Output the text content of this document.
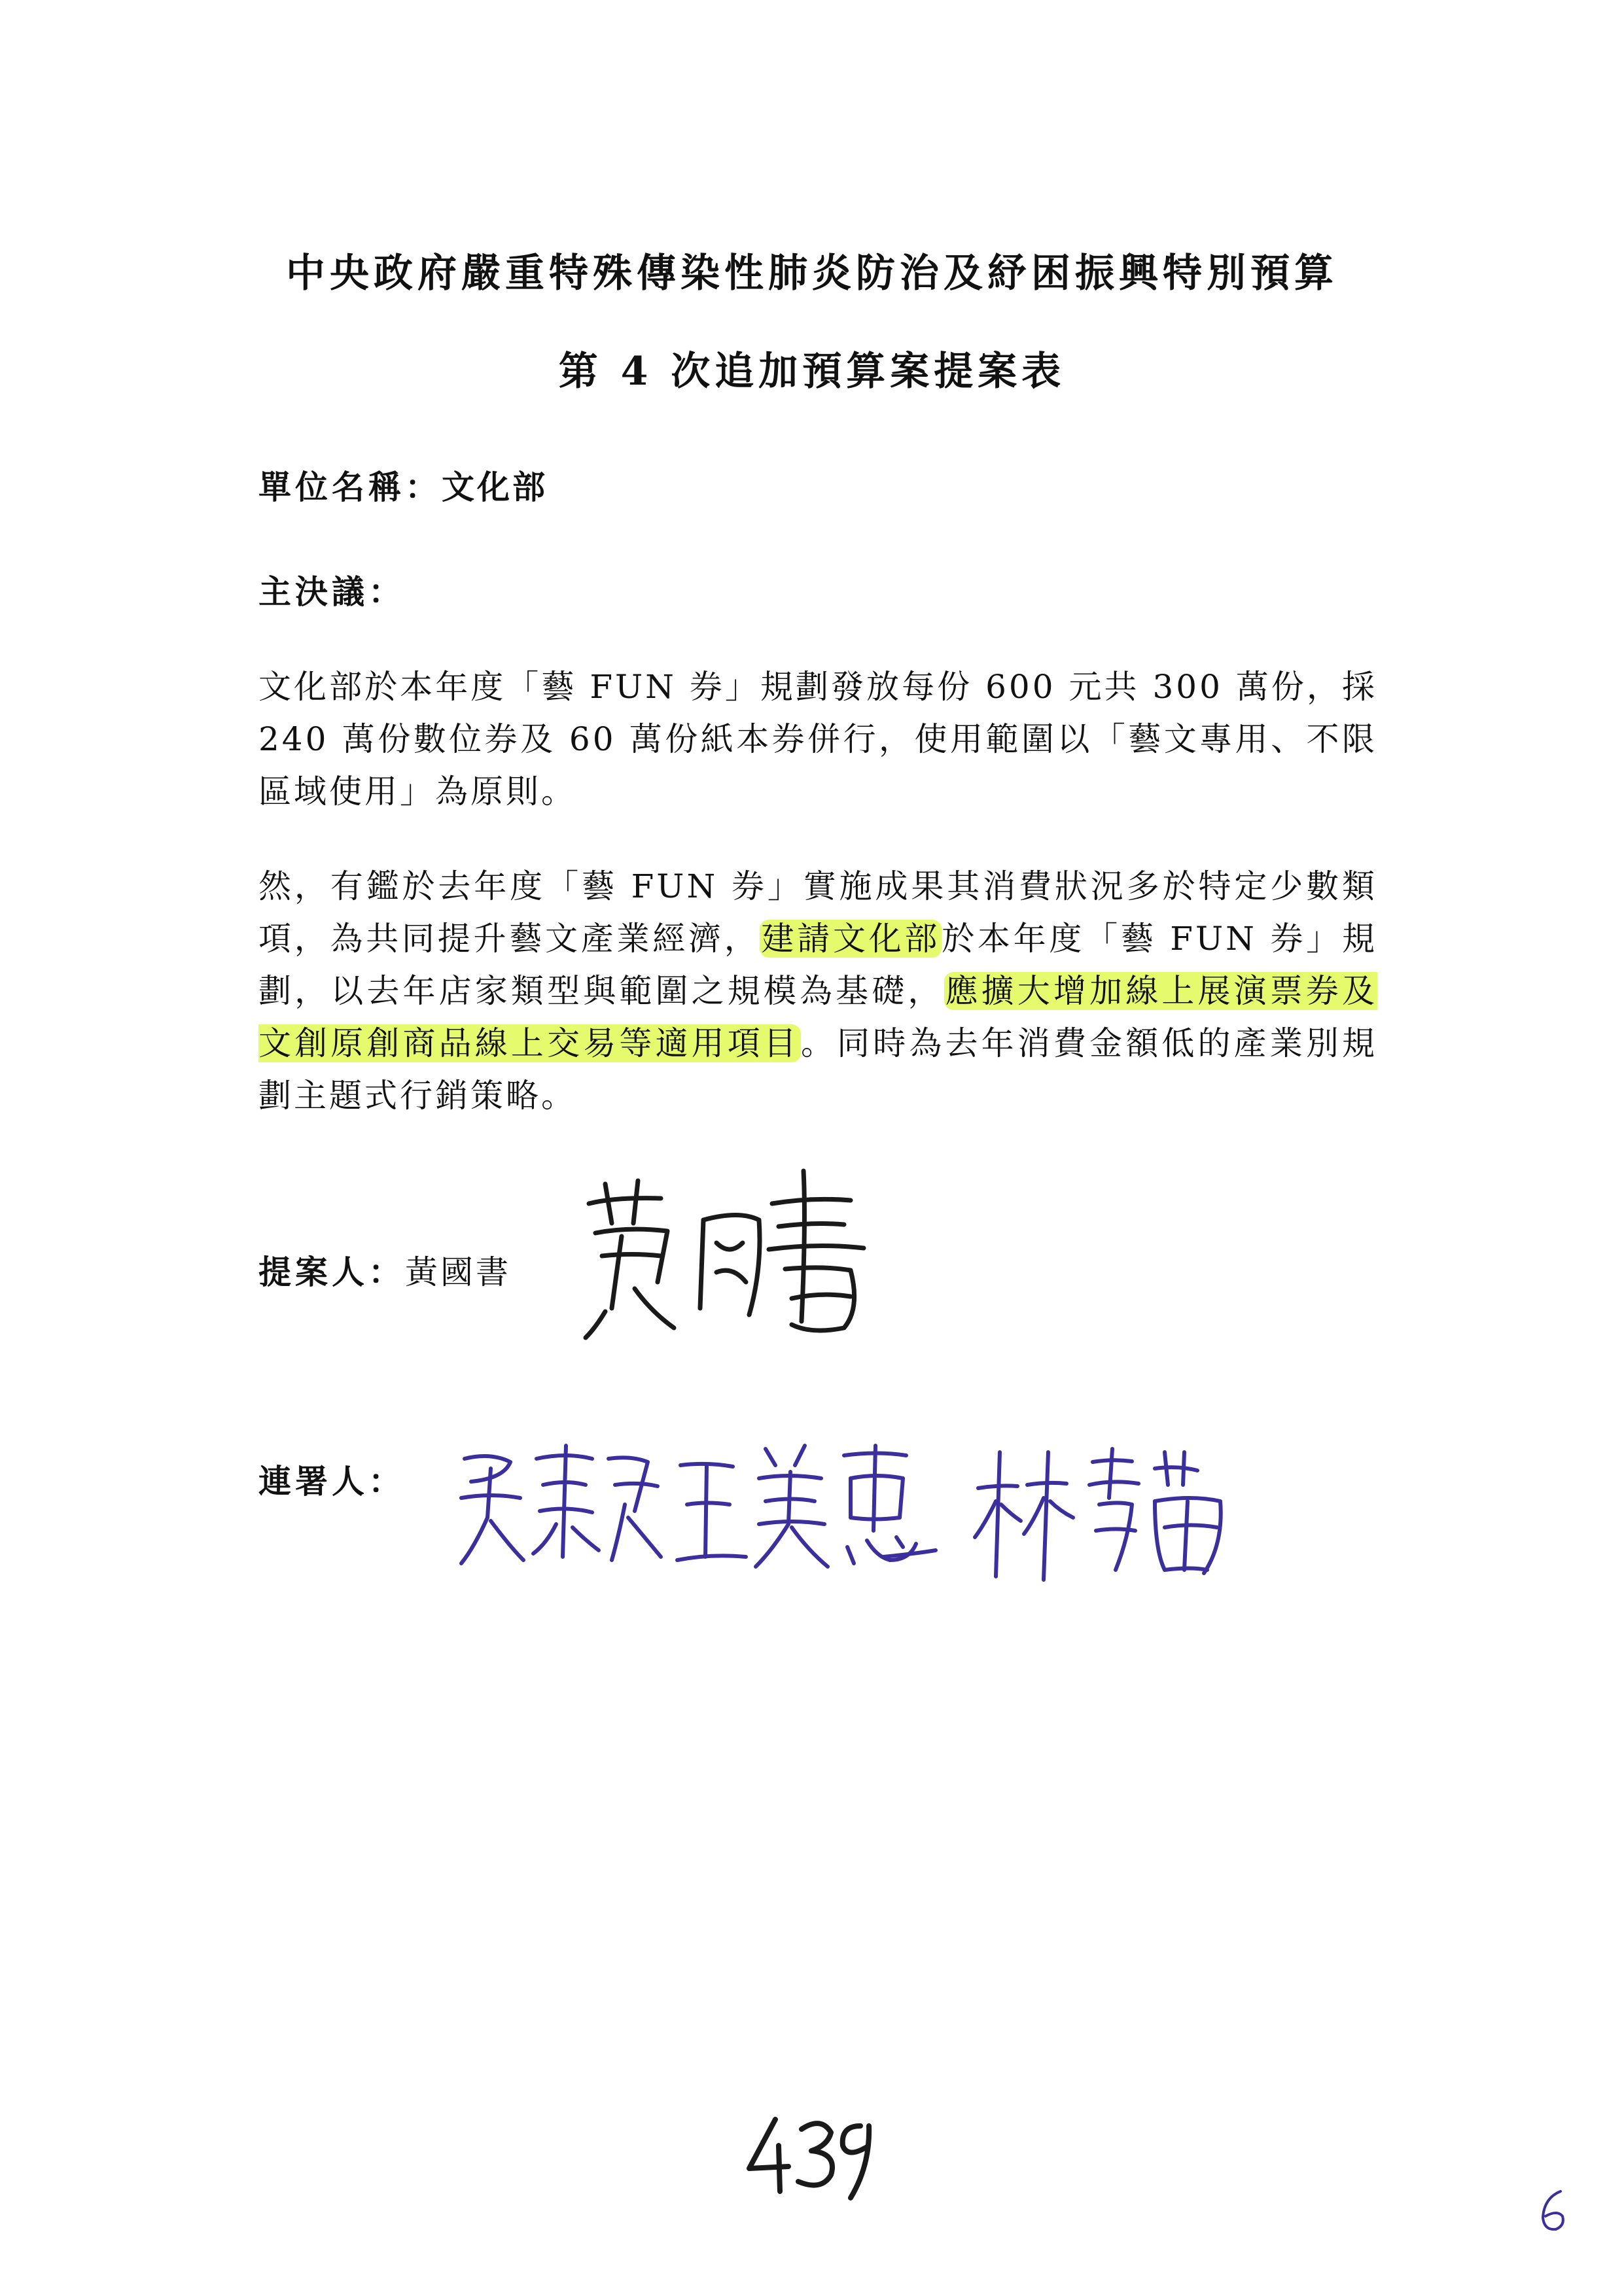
中央政府嚴重特殊傳染性肺炎防治及紓困振興特別預算
第 4 次追加預算案提案表
單位名稱：文化部
主決議：
文化部於本年度「藝 FUN 券」規劃發放每份 600 元共 300 萬份，採 240 萬份數位券及 60 萬份紙本券併行，使用範圍以「藝文專用、不限區域使用」為原則。
然，有鑑於去年度「藝 FUN 券」實施成果其消費狀況多於特定少數類項，為共同提升藝文產業經濟，建請文化部於本年度「藝 FUN 券」規劃，以去年店家類型與範圍之規模為基礎，應擴大增加線上展演票券及文創原創商品線上交易等適用項目。同時為去年消費金額低的產業別規劃主題式行銷策略。
提案人：黃國書
連署人：
